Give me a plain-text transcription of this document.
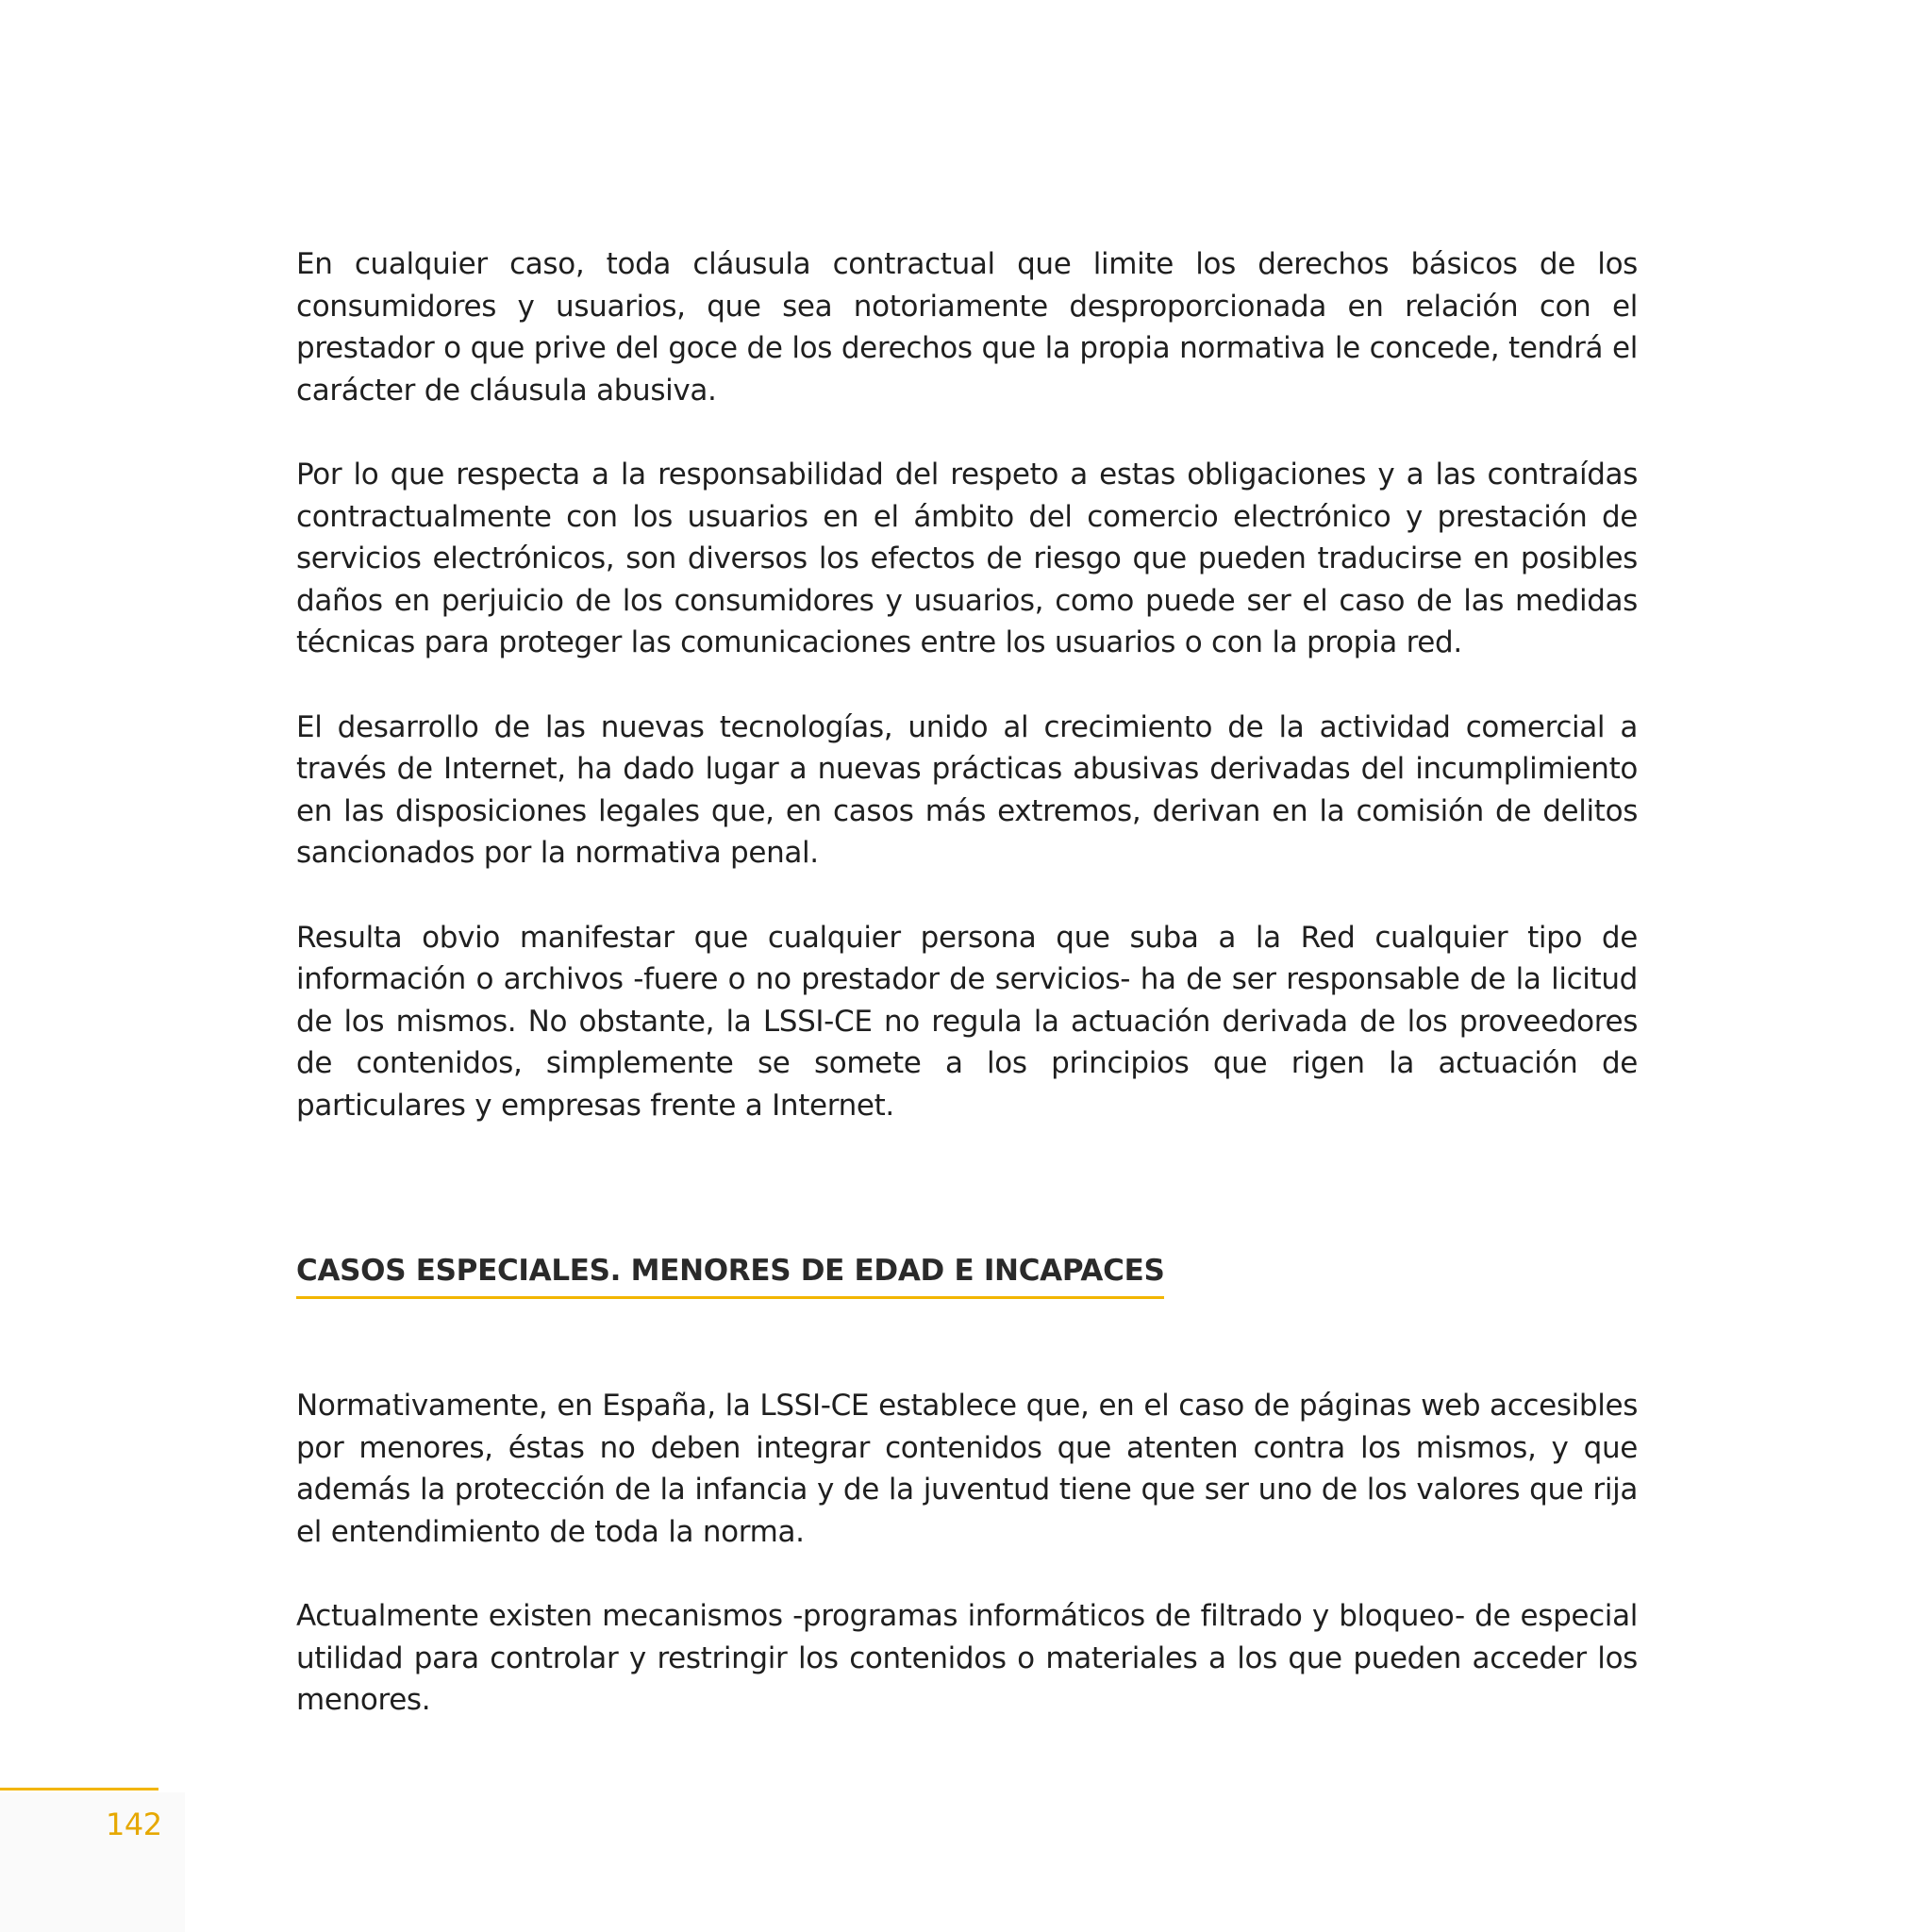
En cualquier caso, toda cláusula contractual que limite los derechos básicos de los consumidores y usuarios, que sea notoriamente desproporcionada en relación con el prestador o que prive del goce de los derechos que la propia normativa le concede, tendrá el carácter de cláusula abusiva.

Por lo que respecta a la responsabilidad del respeto a estas obligaciones y a las contraídas contractualmente con los usuarios en el ámbito del comercio electrónico y prestación de servicios electrónicos, son diversos los efectos de riesgo que pueden traducirse en posibles daños en perjuicio de los consumidores y usuarios, como puede ser el caso de las medidas técnicas para proteger las comunicaciones entre los usuarios o con la propia red.

El desarrollo de las nuevas tecnologías, unido al crecimiento de la actividad comercial a través de Internet, ha dado lugar a nuevas prácticas abusivas derivadas del incumplimiento en las disposiciones legales que, en casos más extremos, derivan en la comisión de delitos sancionados por la normativa penal.

Resulta obvio manifestar que cualquier persona que suba a la Red cualquier tipo de información o archivos -fuere o no prestador de servicios- ha de ser responsable de la licitud de los mismos. No obstante, la LSSI-CE no regula la actuación derivada de los proveedores de contenidos, simplemente se somete a los principios que rigen la actuación de particulares y empresas frente a Internet.

CASOS ESPECIALES. MENORES DE EDAD E INCAPACES

Normativamente, en España, la LSSI-CE establece que, en el caso de páginas web accesibles por menores, éstas no deben integrar contenidos que atenten contra los mismos, y que además la protección de la infancia y de la juventud tiene que ser uno de los valores que rija el entendimiento de toda la norma.

Actualmente existen mecanismos -programas informáticos de filtrado y bloqueo- de especial utilidad para controlar y restringir los contenidos o materiales a los que pueden acceder los menores.

142
